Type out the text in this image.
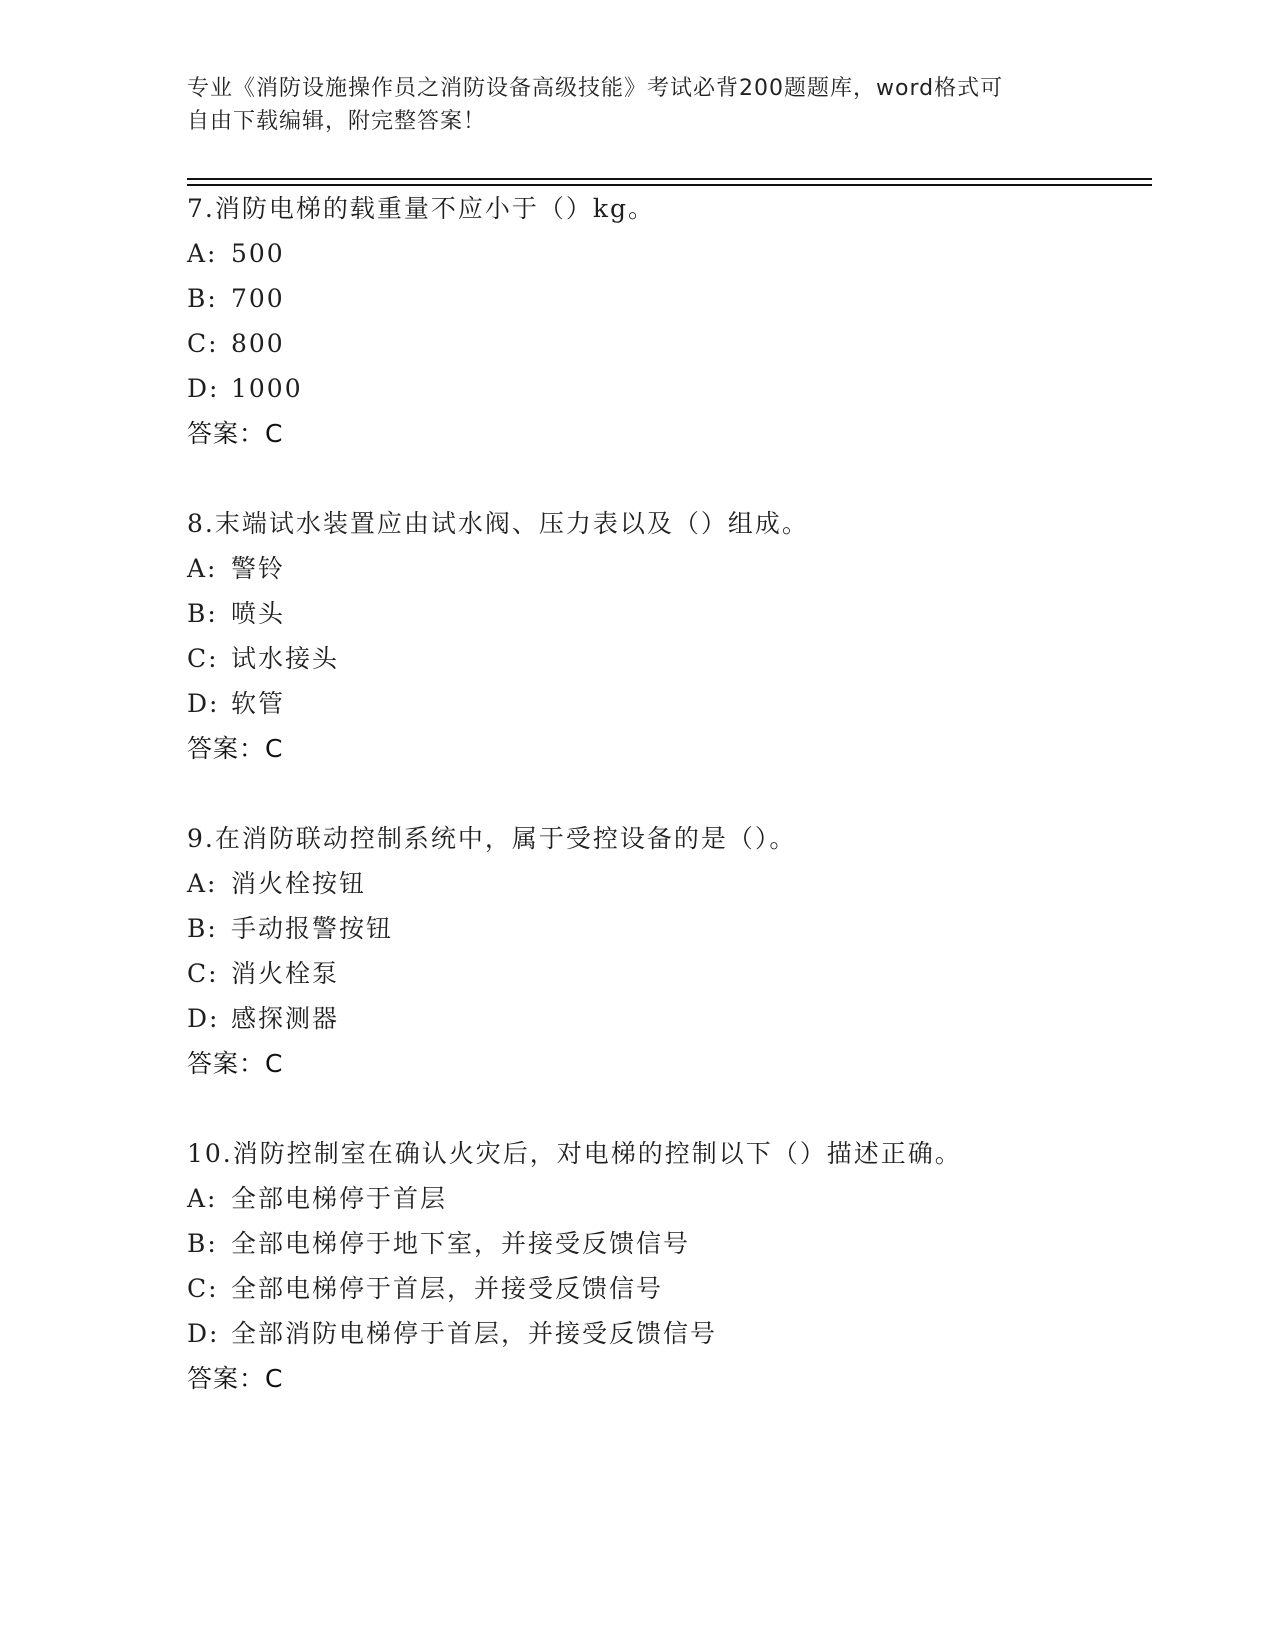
专业《消防设施操作员之消防设备高级技能》考试必背200题题库，word格式可
自由下载编辑，附完整答案！
7.消防电梯的载重量不应小于（）kg。
A: 500
B: 700
C: 800
D: 1000
答案：C
8.末端试水装置应由试水阀、压力表以及（）组成。
A: 警铃
B: 喷头
C: 试水接头
D: 软管
答案：C
9.在消防联动控制系统中，属于受控设备的是（）。
A: 消火栓按钮
B: 手动报警按钮
C: 消火栓泵
D: 感探测器
答案：C
10.消防控制室在确认火灾后，对电梯的控制以下（）描述正确。
A: 全部电梯停于首层
B: 全部电梯停于地下室，并接受反馈信号
C: 全部电梯停于首层，并接受反馈信号
D: 全部消防电梯停于首层，并接受反馈信号
答案：C
